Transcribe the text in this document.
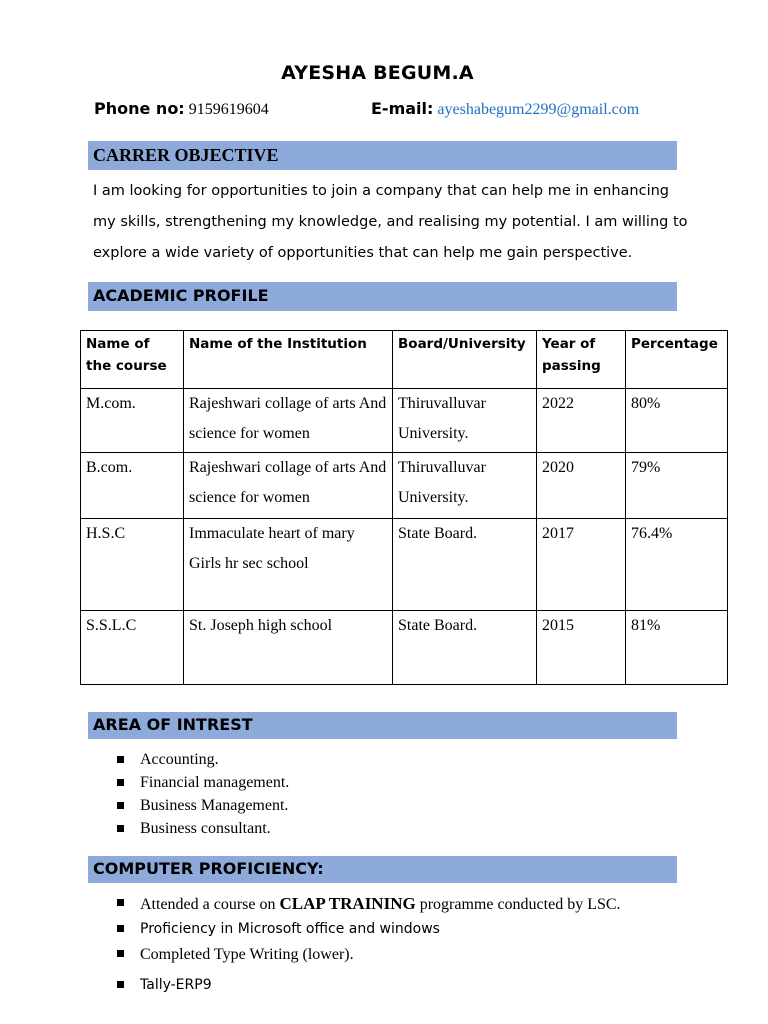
AYESHA BEGUM.A
Phone no: 9159619604	E-mail: ayeshabegum2299@gmail.com
CARRER OBJECTIVE
I am looking for opportunities to join a company that can help me in enhancing my skills, strengthening my knowledge, and realising my potential. I am willing to explore a wide variety of opportunities that can help me gain perspective.
ACADEMIC PROFILE
Name of the course	Name of the Institution	Board/University	Year of passing	Percentage
M.com.	Rajeshwari collage of arts And science for women	Thiruvalluvar University.	2022	80%
B.com.	Rajeshwari collage of arts And science for women	Thiruvalluvar University.	2020	79%
H.S.C	Immaculate heart of mary Girls hr sec school	State Board.	2017	76.4%
S.S.L.C	St. Joseph high school	State Board.	2015	81%
AREA OF INTREST
Accounting.
Financial management.
Business Management.
Business consultant.
COMPUTER PROFICIENCY:
Attended a course on CLAP TRAINING programme conducted by LSC.
Proficiency in Microsoft office and windows
Completed Type Writing (lower).
Tally-ERP9
